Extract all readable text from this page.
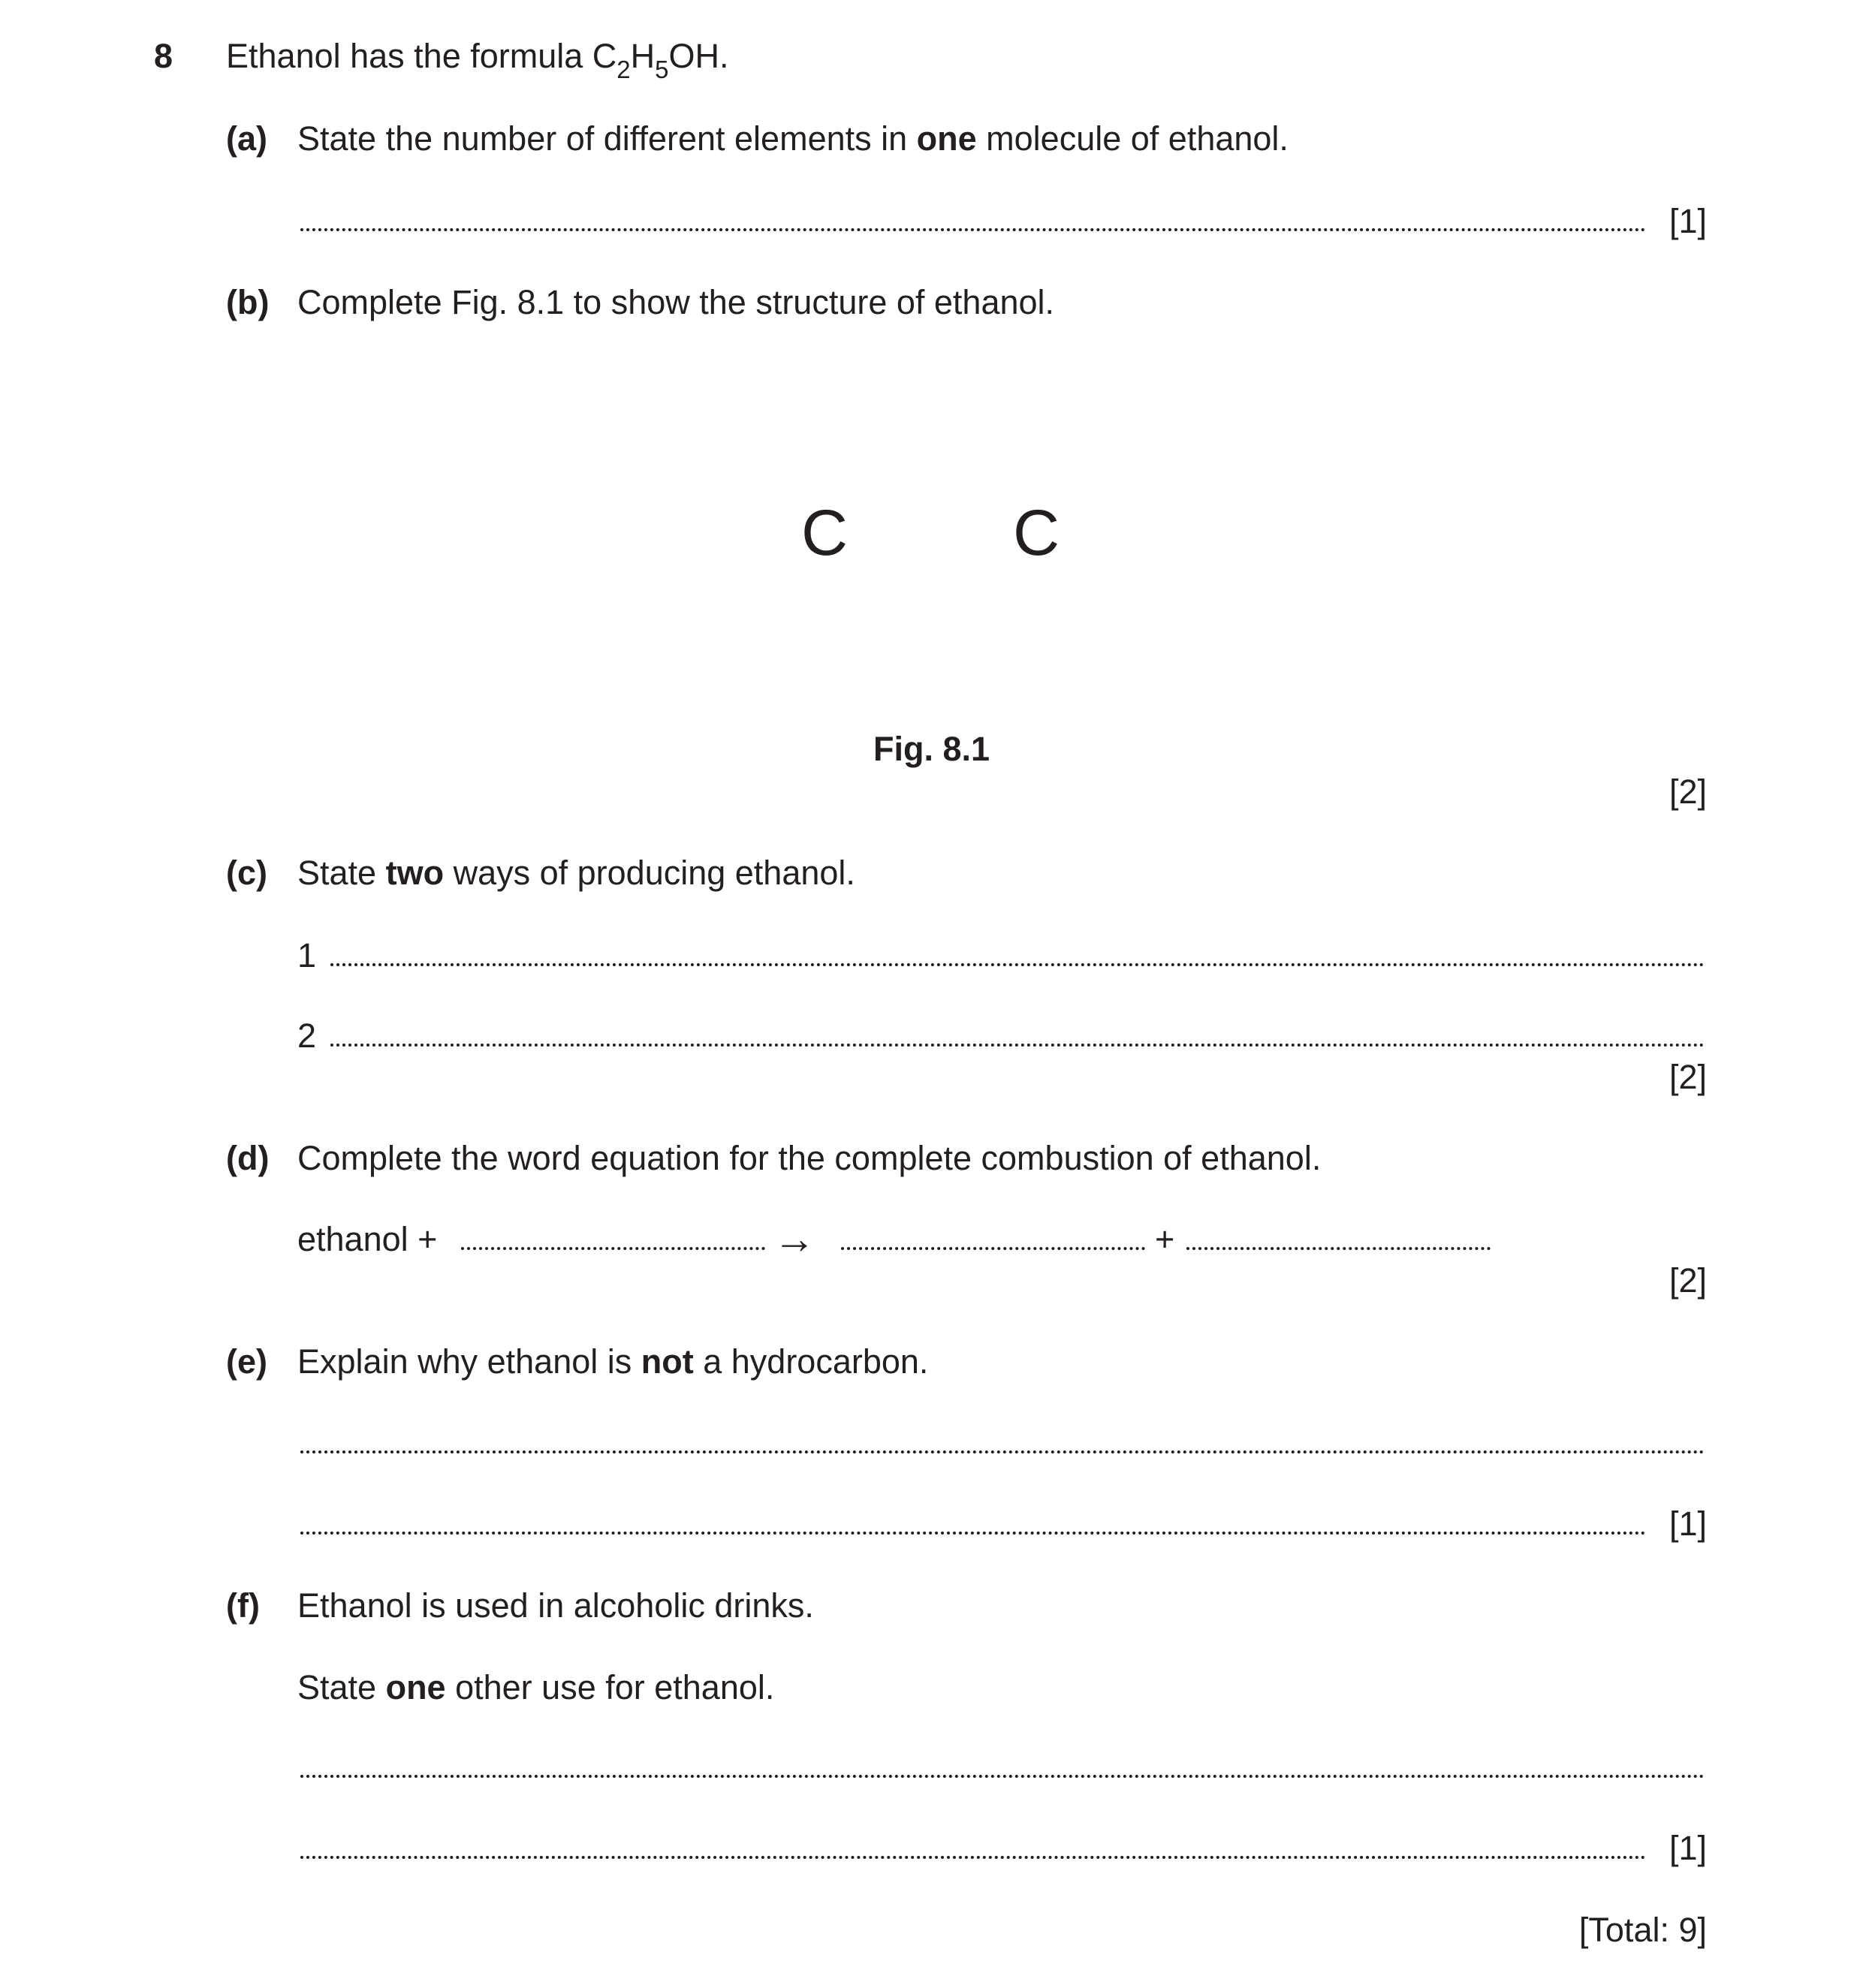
8 Ethanol has the formula $C_2H_5OH$.
(a) State the number of different elements in one molecule of ethanol.
[1]
(b) Complete Fig. 8.1 to show the structure of ethanol.
C	C
Fig. 8.1
[2]
(c) State two ways of producing ethanol.
1
2
[2]
(d) Complete the word equation for the complete combustion of ethanol.
ethanol +	→	+
[2]
(e) Explain why ethanol is not a hydrocarbon.
[1]
(f) Ethanol is used in alcoholic drinks.
State one other use for ethanol.
[1]
[Total: 9]
